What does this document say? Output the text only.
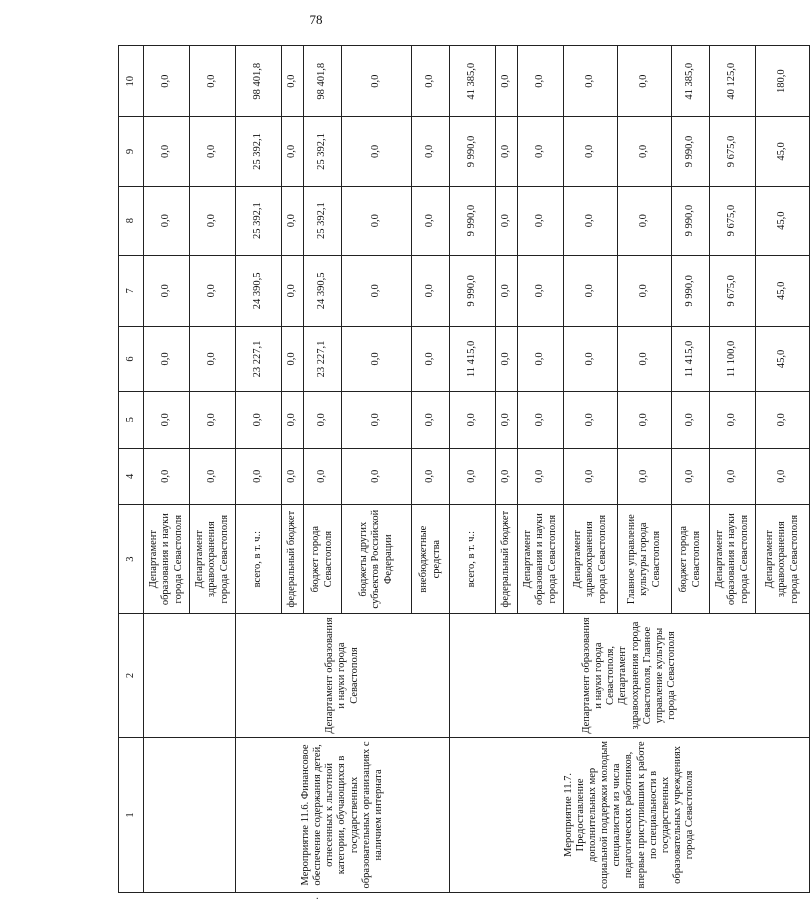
78
1	2	3	4	5	6	7	8	9	10
		Департамент образования и науки города Севастополя	0,0	0,0	0,0	0,0	0,0	0,0	0,0
		Департамент здравоохранения города Севастополя	0,0	0,0	0,0	0,0	0,0	0,0	0,0
Мероприятие 11.6. Финансовое обеспечение содержания детей, отнесенных к льготной категории, обучающихся в государственных образовательных организациях с наличием интерната	Департамент образования и науки города Севастополя	всего, в т. ч.:	0,0	0,0	23 227,1	24 390,5	25 392,1	25 392,1	98 401,8
		федеральный бюджет	0,0	0,0	0,0	0,0	0,0	0,0	0,0
		бюджет города Севастополя	0,0	0,0	23 227,1	24 390,5	25 392,1	25 392,1	98 401,8
		бюджеты других субъектов Российской Федерации	0,0	0,0	0,0	0,0	0,0	0,0	0,0
		внебюджетные средства	0,0	0,0	0,0	0,0	0,0	0,0	0,0
Мероприятие 11.7. Предоставление дополнительных мер социальной поддержки молодым специалистам из числа педагогических работников, впервые приступившим к работе по специальности в государственных образовательных учреждениях города Севастополя	Департамент образования и науки города Севастополя, Департамент здравоохранения города Севастополя, Главное управление культуры города Севастополя	всего, в т. ч.:	0,0	0,0	11 415,0	9 990,0	9 990,0	9 990,0	41 385,0
		федеральный бюджет	0,0	0,0	0,0	0,0	0,0	0,0	0,0
		Департамент образования и науки города Севастополя	0,0	0,0	0,0	0,0	0,0	0,0	0,0
		Департамент здравоохранения города Севастополя	0,0	0,0	0,0	0,0	0,0	0,0	0,0
		Главное управление культуры города Севастополя	0,0	0,0	0,0	0,0	0,0	0,0	0,0
		бюджет города Севастополя	0,0	0,0	11 415,0	9 990,0	9 990,0	9 990,0	41 385,0
		Департамент образования и науки города Севастополя	0,0	0,0	11 100,0	9 675,0	9 675,0	9 675,0	40 125,0
		Департамент здравоохранения города Севастополя	0,0	0,0	45,0	45,0	45,0	45,0	180,0
.
